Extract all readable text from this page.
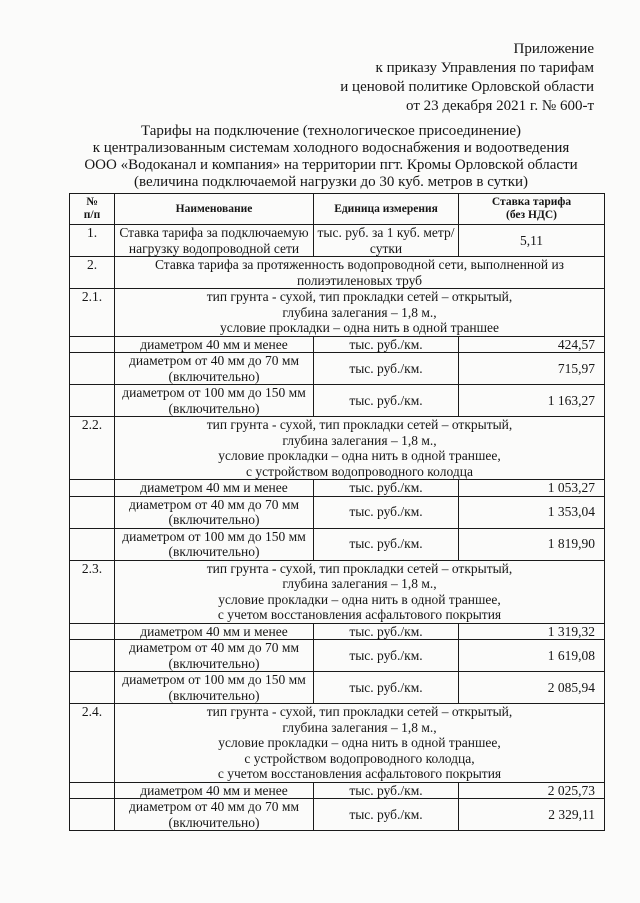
Приложение
к приказу Управления по тарифам
и ценовой политике Орловской области
от 23 декабря 2021 г. № 600-т
Тарифы на подключение (технологическое присоединение)
к централизованным системам холодного водоснабжения и водоотведения
ООО «Водоканал и компания» на территории пгт. Кромы Орловской области
(величина подключаемой нагрузки до 30 куб. метров в сутки)
№
п/п	Наименование	Единица измерения	Ставка тарифа
(без НДС)

1.	Ставка тарифа за подключаемую нагрузку водопроводной сети	тыс. руб. за 1 куб. метр/сутки	5,11
2.	Ставка тарифа за протяженность водопроводной сети, выполненной из полиэтиленовых труб		
2.1.	тип грунта - сухой, тип прокладки сетей – открытый,
глубина залегания – 1,8 м.,
условие прокладки – одна нить в одной траншее		

	диаметром 40 мм и менее	тыс. руб./км.	424,57
	диаметром от 40 мм до 70 мм (включительно)	тыс. руб./км.	715,97
	диаметром от 100 мм до 150 мм (включительно)	тыс. руб./км.	1 163,27
2.2.	тип грунта - сухой, тип прокладки сетей – открытый,
глубина залегания – 1,8 м.,
условие прокладки – одна нить в одной траншее,
с устройством водопроводного колодца		

	диаметром 40 мм и менее	тыс. руб./км.	1 053,27
	диаметром от 40 мм до 70 мм (включительно)	тыс. руб./км.	1 353,04
	диаметром от 100 мм до 150 мм (включительно)	тыс. руб./км.	1 819,90
2.3.	тип грунта - сухой, тип прокладки сетей – открытый,
глубина залегания – 1,8 м.,
условие прокладки – одна нить в одной траншее,
с учетом восстановления асфальтового покрытия		

	диаметром 40 мм и менее	тыс. руб./км.	1 319,32
	диаметром от 40 мм до 70 мм (включительно)	тыс. руб./км.	1 619,08
	диаметром от 100 мм до 150 мм (включительно)	тыс. руб./км.	2 085,94
2.4.	тип грунта - сухой, тип прокладки сетей – открытый,
глубина залегания – 1,8 м.,
условие прокладки – одна нить в одной траншее,
с устройством водопроводного колодца,
с учетом восстановления асфальтового покрытия		

	диаметром 40 мм и менее	тыс. руб./км.	2 025,73
	диаметром от 40 мм до 70 мм (включительно)	тыс. руб./км.	2 329,11
